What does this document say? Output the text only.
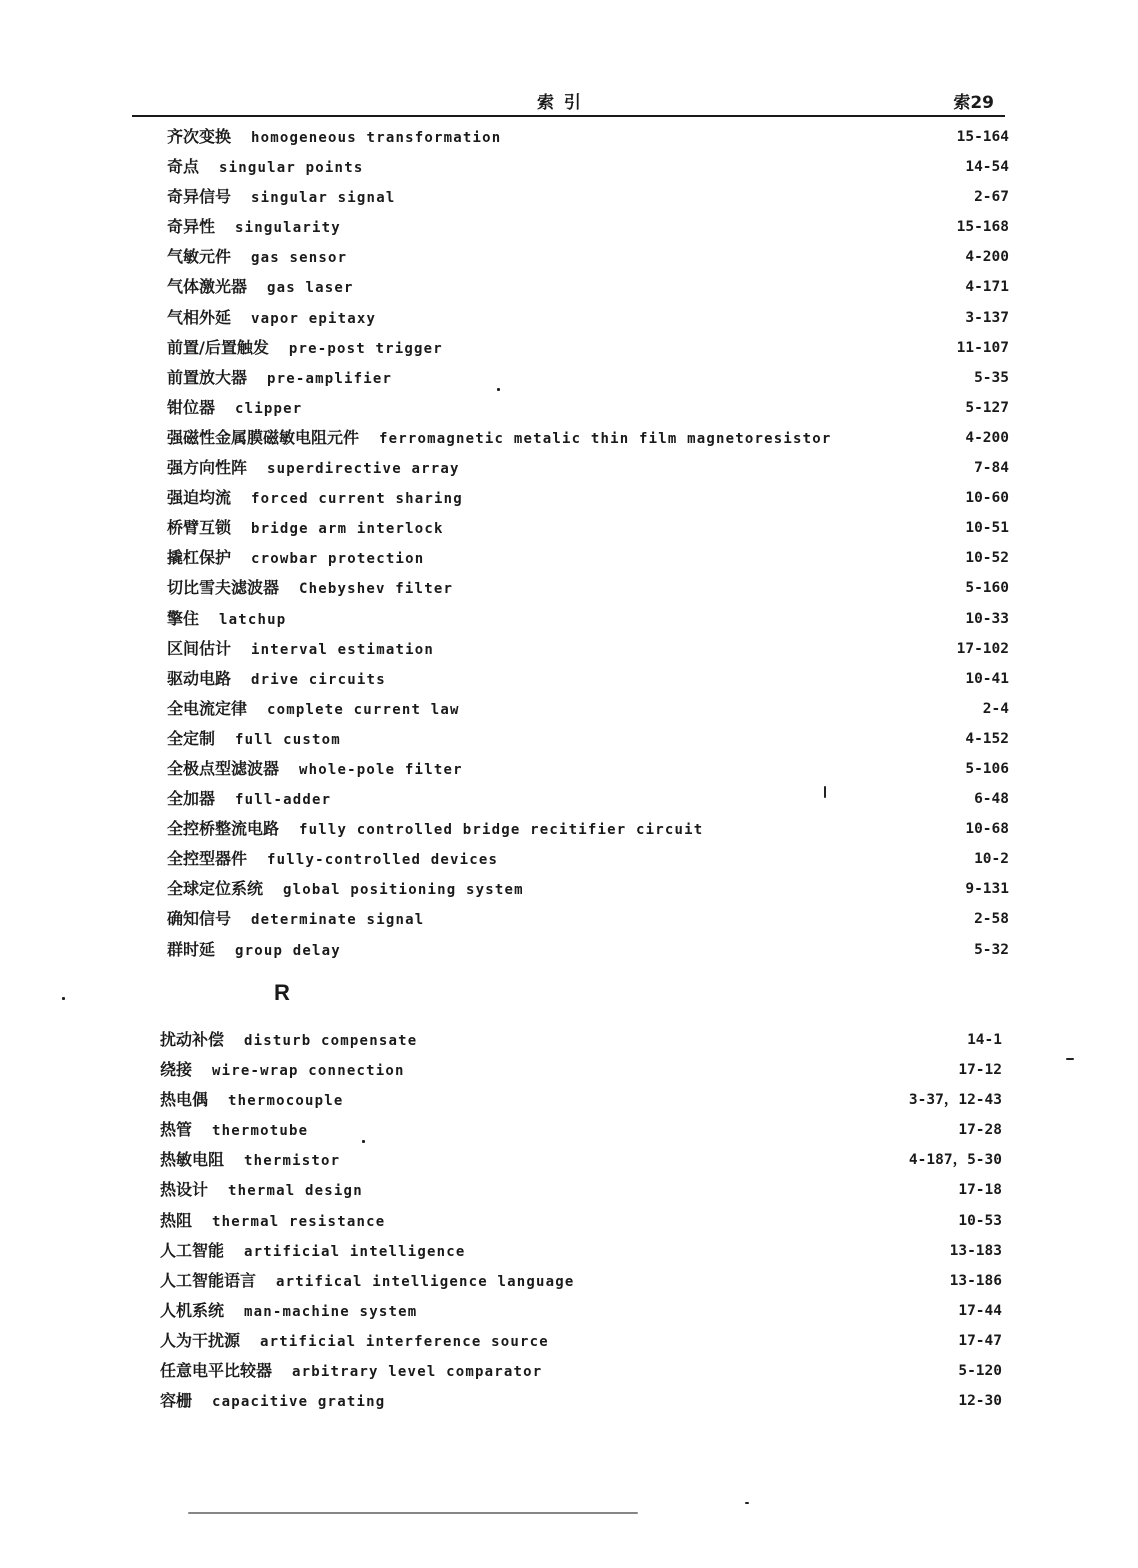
索 引	索29
齐次变换 homogeneous transformation	15-164
奇点 singular points	14-54
奇异信号 singular signal	2-67
奇异性 singularity	15-168
气敏元件 gas sensor	4-200
气体激光器 gas laser	4-171
气相外延 vapor epitaxy	3-137
前置/后置触发 pre-post trigger	11-107
前置放大器 pre-amplifier	5-35
钳位器 clipper	5-127
强磁性金属膜磁敏电阻元件 ferromagnetic metalic thin film magnetoresistor	4-200
强方向性阵 superdirective array	7-84
强迫均流 forced current sharing	10-60
桥臂互锁 bridge arm interlock	10-51
撬杠保护 crowbar protection	10-52
切比雪夫滤波器 Chebyshev filter	5-160
擎住 latchup	10-33
区间估计 interval estimation	17-102
驱动电路 drive circuits	10-41
全电流定律 complete current law	2-4
全定制 full custom	4-152
全极点型滤波器 whole-pole filter	5-106
全加器 full-adder	6-48
全控桥整流电路 fully controlled bridge recitifier circuit	10-68
全控型器件 fully-controlled devices	10-2
全球定位系统 global positioning system	9-131
确知信号 determinate signal	2-58
群时延 group delay	5-32
R
扰动补偿 disturb compensate	14-1
绕接 wire-wrap connection	17-12
热电偶 thermocouple	3-37，12-43
热管 thermotube	17-28
热敏电阻 thermistor	4-187，5-30
热设计 thermal design	17-18
热阻 thermal resistance	10-53
人工智能 artificial intelligence	13-183
人工智能语言 artifical intelligence language	13-186
人机系统 man-machine system	17-44
人为干扰源 artificial interference source	17-47
任意电平比较器 arbitrary level comparator	5-120
容栅 capacitive grating	12-30
